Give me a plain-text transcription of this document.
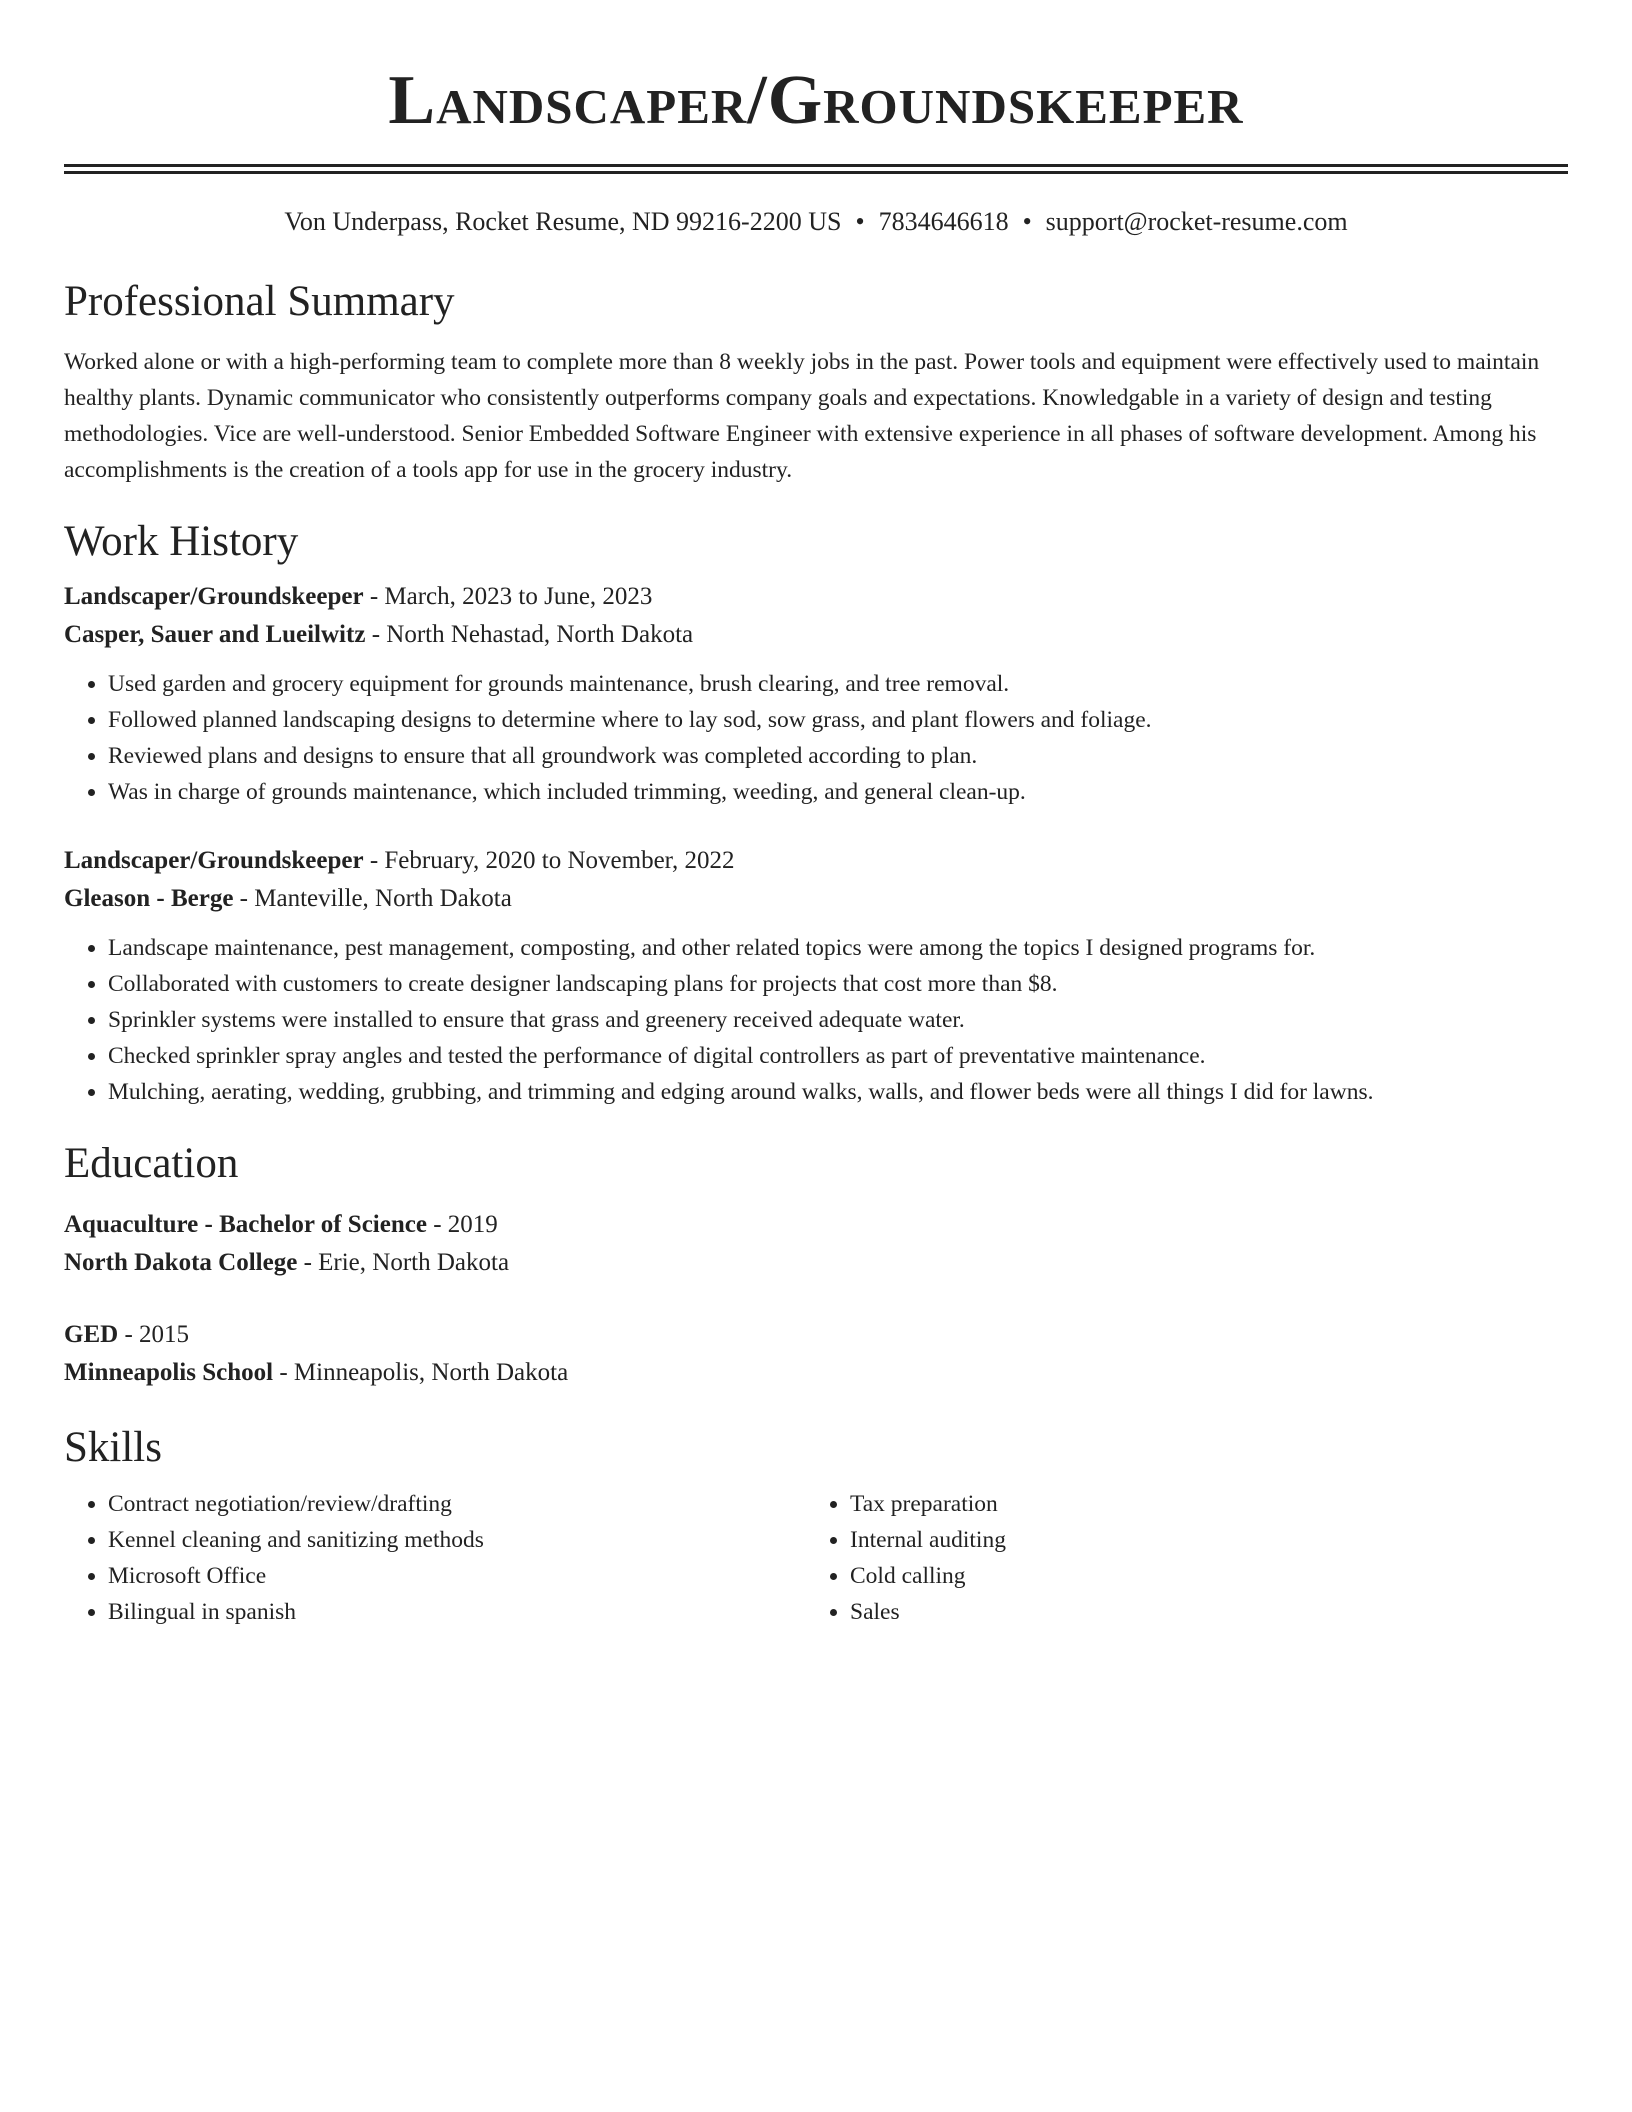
Landscaper/Groundskeeper
Von Underpass, Rocket Resume, ND 99216-2200 US • 7834646618 • support@rocket-resume.com
Professional Summary

Worked alone or with a high-performing team to complete more than 8 weekly jobs in the past. Power tools and equipment were effectively used to maintain healthy plants. Dynamic communicator who consistently outperforms company goals and expectations. Knowledgable in a variety of design and testing methodologies. Vice are well-understood. Senior Embedded Software Engineer with extensive experience in all phases of software development. Among his accomplishments is the creation of a tools app for use in the grocery industry.

Work History
Landscaper/Groundskeeper - March, 2023 to June, 2023
Casper, Sauer and Lueilwitz - North Nehastad, North Dakota
• Used garden and grocery equipment for grounds maintenance, brush clearing, and tree removal.
• Followed planned landscaping designs to determine where to lay sod, sow grass, and plant flowers and foliage.
• Reviewed plans and designs to ensure that all groundwork was completed according to plan.
• Was in charge of grounds maintenance, which included trimming, weeding, and general clean-up.
Landscaper/Groundskeeper - February, 2020 to November, 2022
Gleason - Berge - Manteville, North Dakota
• Landscape maintenance, pest management, composting, and other related topics were among the topics I designed programs for.
• Collaborated with customers to create designer landscaping plans for projects that cost more than $8.
• Sprinkler systems were installed to ensure that grass and greenery received adequate water.
• Checked sprinkler spray angles and tested the performance of digital controllers as part of preventative maintenance.
• Mulching, aerating, wedding, grubbing, and trimming and edging around walks, walls, and flower beds were all things I did for lawns.
Education
Aquaculture - Bachelor of Science - 2019
North Dakota College - Erie, North Dakota
GED - 2015
Minneapolis School - Minneapolis, North Dakota
Skills
• Contract negotiation/review/drafting
• Kennel cleaning and sanitizing methods
• Microsoft Office
• Bilingual in spanish
• Tax preparation
• Internal auditing
• Cold calling
• Sales
